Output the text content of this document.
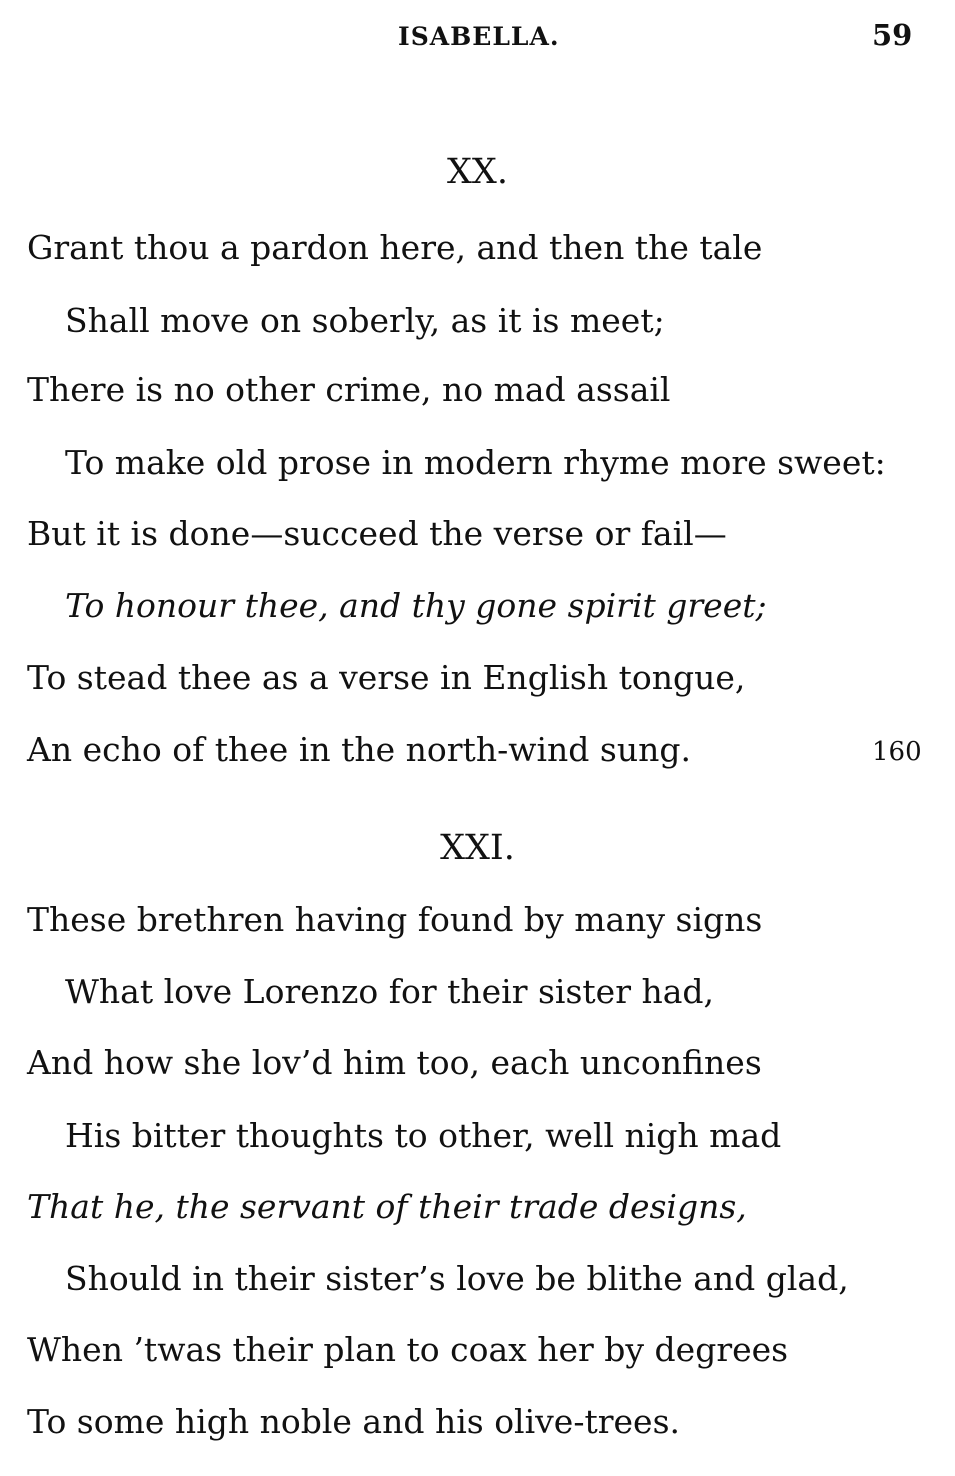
ISABELLA.	59
XX.
Grant thou a pardon here, and then the tale
Shall move on soberly, as it is meet;
There is no other crime, no mad assail
To make old prose in modern rhyme more sweet:
But it is done—succeed the verse or fail—
To honour thee, and thy gone spirit greet;
To stead thee as a verse in English tongue,
An echo of thee in the north-wind sung.	160
XXI.
These brethren having found by many signs
What love Lorenzo for their sister had,
And how she lov’d him too, each unconfines
His bitter thoughts to other, well nigh mad
That he, the servant of their trade designs,
Should in their sister’s love be blithe and glad,
When ’twas their plan to coax her by degrees
To some high noble and his olive-trees.
